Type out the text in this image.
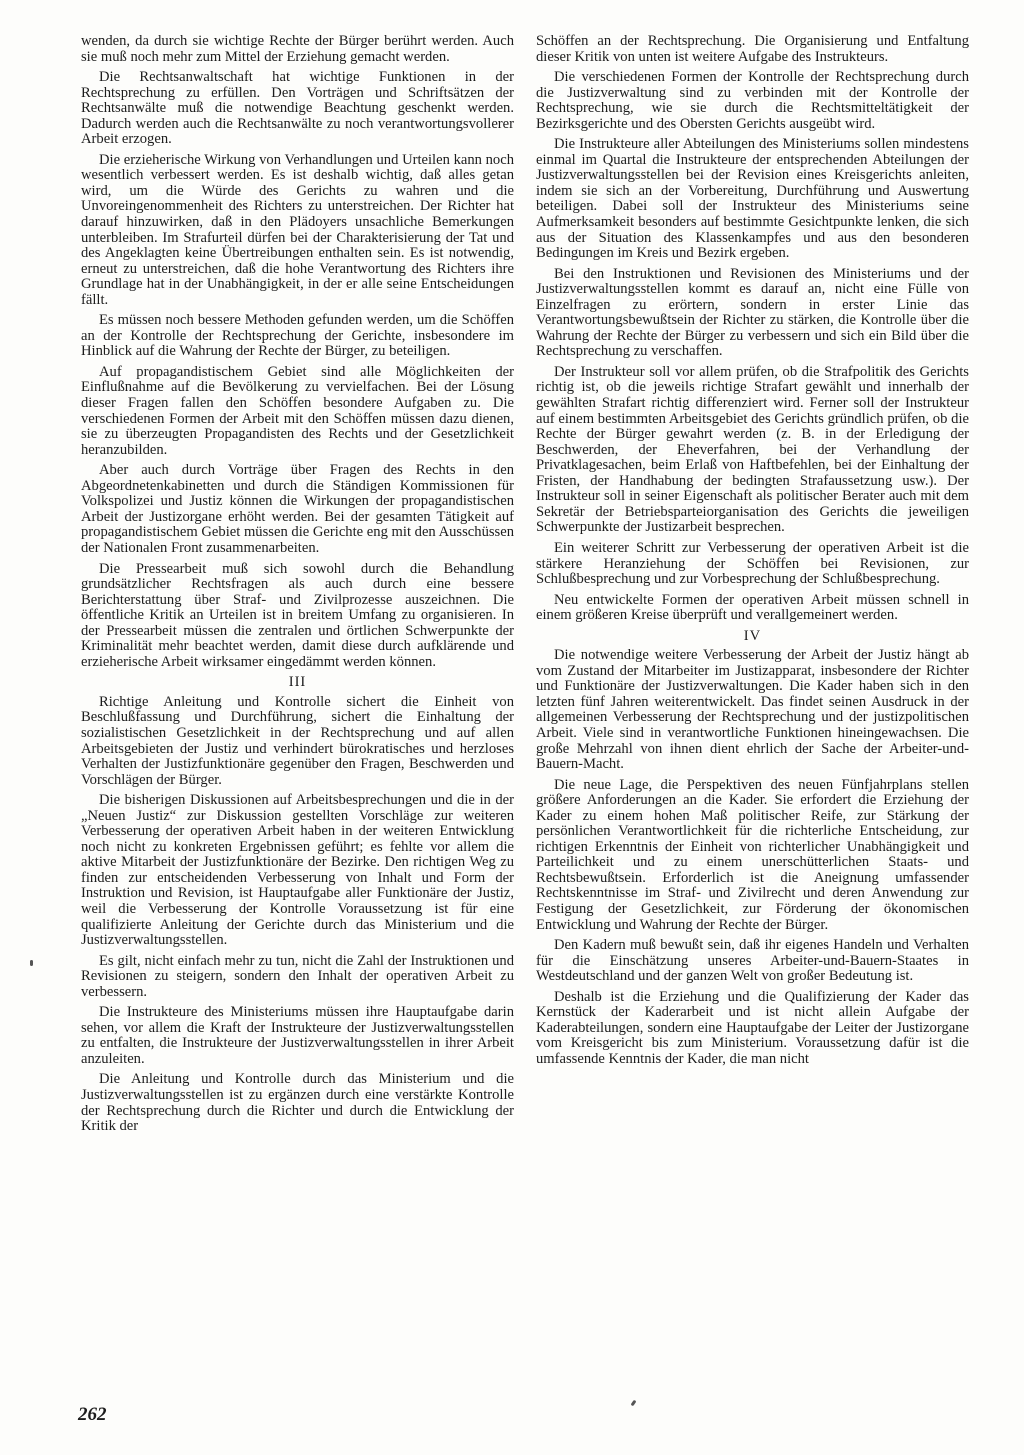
wenden, da durch sie wichtige Rechte der Bürger berührt werden. Auch sie muß noch mehr zum Mittel der Erziehung gemacht werden.

Die Rechtsanwaltschaft hat wichtige Funktionen in der Rechtsprechung zu erfüllen. Den Vorträgen und Schriftsätzen der Rechtsanwälte muß die notwendige Beachtung geschenkt werden. Dadurch werden auch die Rechtsanwälte zu noch verantwortungsvollerer Arbeit erzogen.

Die erzieherische Wirkung von Verhandlungen und Urteilen kann noch wesentlich verbessert werden. Es ist deshalb wichtig, daß alles getan wird, um die Würde des Gerichts zu wahren und die Unvoreingenommenheit des Richters zu unterstreichen. Der Richter hat darauf hinzuwirken, daß in den Plädoyers unsachliche Bemerkungen unterbleiben. Im Strafurteil dürfen bei der Charakterisierung der Tat und des Angeklagten keine Übertreibungen enthalten sein. Es ist notwendig, erneut zu unterstreichen, daß die hohe Verantwortung des Richters ihre Grundlage hat in der Unabhängigkeit, in der er alle seine Entscheidungen fällt.

Es müssen noch bessere Methoden gefunden werden, um die Schöffen an der Kontrolle der Rechtsprechung der Gerichte, insbesondere im Hinblick auf die Wahrung der Rechte der Bürger, zu beteiligen.

Auf propagandistischem Gebiet sind alle Möglichkeiten der Einflußnahme auf die Bevölkerung zu vervielfachen. Bei der Lösung dieser Fragen fallen den Schöffen besondere Aufgaben zu. Die verschiedenen Formen der Arbeit mit den Schöffen müssen dazu dienen, sie zu überzeugten Propagandisten des Rechts und der Gesetzlichkeit heranzubilden.

Aber auch durch Vorträge über Fragen des Rechts in den Abgeordnetenkabinetten und durch die Ständigen Kommissionen für Volkspolizei und Justiz können die Wirkungen der propagandistischen Arbeit der Justizorgane erhöht werden. Bei der gesamten Tätigkeit auf propagandistischem Gebiet müssen die Gerichte eng mit den Ausschüssen der Nationalen Front zusammenarbeiten.

Die Pressearbeit muß sich sowohl durch die Behandlung grundsätzlicher Rechtsfragen als auch durch eine bessere Berichterstattung über Straf- und Zivilprozesse auszeichnen. Die öffentliche Kritik an Urteilen ist in breitem Umfang zu organisieren. In der Pressearbeit müssen die zentralen und örtlichen Schwerpunkte der Kriminalität mehr beachtet werden, damit diese durch aufklärende und erzieherische Arbeit wirksamer eingedämmt werden können.

III

Richtige Anleitung und Kontrolle sichert die Einheit von Beschlußfassung und Durchführung, sichert die Einhaltung der sozialistischen Gesetzlichkeit in der Rechtsprechung und auf allen Arbeitsgebieten der Justiz und verhindert bürokratisches und herzloses Verhalten der Justizfunktionäre gegenüber den Fragen, Beschwerden und Vorschlägen der Bürger.

Die bisherigen Diskussionen auf Arbeitsbesprechungen und die in der „Neuen Justiz“ zur Diskussion gestellten Vorschläge zur weiteren Verbesserung der operativen Arbeit haben in der weiteren Entwicklung noch nicht zu konkreten Ergebnissen geführt; es fehlte vor allem die aktive Mitarbeit der Justizfunktionäre der Bezirke. Den richtigen Weg zu finden zur entscheidenden Verbesserung von Inhalt und Form der Instruktion und Revision, ist Hauptaufgabe aller Funktionäre der Justiz, weil die Verbesserung der Kontrolle Voraussetzung ist für eine qualifizierte Anleitung der Gerichte durch das Ministerium und die Justizverwaltungsstellen.

Es gilt, nicht einfach mehr zu tun, nicht die Zahl der Instruktionen und Revisionen zu steigern, sondern den Inhalt der operativen Arbeit zu verbessern.

Die Instrukteure des Ministeriums müssen ihre Hauptaufgabe darin sehen, vor allem die Kraft der Instrukteure der Justizverwaltungsstellen zu entfalten, die Instrukteure der Justizverwaltungsstellen in ihrer Arbeit anzuleiten.

Die Anleitung und Kontrolle durch das Ministerium und die Justizverwaltungsstellen ist zu ergänzen durch eine verstärkte Kontrolle der Rechtsprechung durch die Richter und durch die Entwicklung der Kritik der

Schöffen an der Rechtsprechung. Die Organisierung und Entfaltung dieser Kritik von unten ist weitere Aufgabe des Instrukteurs.

Die verschiedenen Formen der Kontrolle der Rechtsprechung durch die Justizverwaltung sind zu verbinden mit der Kontrolle der Rechtsprechung, wie sie durch die Rechtsmitteltätigkeit der Bezirksgerichte und des Obersten Gerichts ausgeübt wird.

Die Instrukteure aller Abteilungen des Ministeriums sollen mindestens einmal im Quartal die Instrukteure der entsprechenden Abteilungen der Justizverwaltungsstellen bei der Revision eines Kreisgerichts anleiten, indem sie sich an der Vorbereitung, Durchführung und Auswertung beteiligen. Dabei soll der Instrukteur des Ministeriums seine Aufmerksamkeit besonders auf bestimmte Gesichtpunkte lenken, die sich aus der Situation des Klassenkampfes und aus den besonderen Bedingungen im Kreis und Bezirk ergeben.

Bei den Instruktionen und Revisionen des Ministeriums und der Justizverwaltungsstellen kommt es darauf an, nicht eine Fülle von Einzelfragen zu erörtern, sondern in erster Linie das Verantwortungsbewußtsein der Richter zu stärken, die Kontrolle über die Wahrung der Rechte der Bürger zu verbessern und sich ein Bild über die Rechtsprechung zu verschaffen.

Der Instrukteur soll vor allem prüfen, ob die Strafpolitik des Gerichts richtig ist, ob die jeweils richtige Strafart gewählt und innerhalb der gewählten Strafart richtig differenziert wird. Ferner soll der Instrukteur auf einem bestimmten Arbeitsgebiet des Gerichts gründlich prüfen, ob die Rechte der Bürger gewahrt werden (z. B. in der Erledigung der Beschwerden, der Eheverfahren, bei der Verhandlung der Privatklagesachen, beim Erlaß von Haftbefehlen, bei der Einhaltung der Fristen, der Handhabung der bedingten Strafaussetzung usw.). Der Instrukteur soll in seiner Eigenschaft als politischer Berater auch mit dem Sekretär der Betriebsparteiorganisation des Gerichts die jeweiligen Schwerpunkte der Justizarbeit besprechen.

Ein weiterer Schritt zur Verbesserung der operativen Arbeit ist die stärkere Heranziehung der Schöffen bei Revisionen, zur Schlußbesprechung und zur Vorbesprechung der Schlußbesprechung.

Neu entwickelte Formen der operativen Arbeit müssen schnell in einem größeren Kreise überprüft und verallgemeinert werden.

IV

Die notwendige weitere Verbesserung der Arbeit der Justiz hängt ab vom Zustand der Mitarbeiter im Justizapparat, insbesondere der Richter und Funktionäre der Justizverwaltungen. Die Kader haben sich in den letzten fünf Jahren weiterentwickelt. Das findet seinen Ausdruck in der allgemeinen Verbesserung der Rechtsprechung und der justizpolitischen Arbeit. Viele sind in verantwortliche Funktionen hineingewachsen. Die große Mehrzahl von ihnen dient ehrlich der Sache der Arbeiter-und-Bauern-Macht.

Die neue Lage, die Perspektiven des neuen Fünfjahrplans stellen größere Anforderungen an die Kader. Sie erfordert die Erziehung der Kader zu einem hohen Maß politischer Reife, zur Stärkung der persönlichen Verantwortlichkeit für die richterliche Entscheidung, zur richtigen Erkenntnis der Einheit von richterlicher Unabhängigkeit und Parteilichkeit und zu einem unerschütterlichen Staats- und Rechtsbewußtsein. Erforderlich ist die Aneignung umfassender Rechtskenntnisse im Straf- und Zivilrecht und deren Anwendung zur Festigung der Gesetzlichkeit, zur Förderung der ökonomischen Entwicklung und Wahrung der Rechte der Bürger.

Den Kadern muß bewußt sein, daß ihr eigenes Handeln und Verhalten für die Einschätzung unseres Arbeiter-und-Bauern-Staates in Westdeutschland und der ganzen Welt von großer Bedeutung ist.

Deshalb ist die Erziehung und die Qualifizierung der Kader das Kernstück der Kaderarbeit und ist nicht allein Aufgabe der Kaderabteilungen, sondern eine Hauptaufgabe der Leiter der Justizorgane vom Kreisgericht bis zum Ministerium. Voraussetzung dafür ist die umfassende Kenntnis der Kader, die man nicht

262
